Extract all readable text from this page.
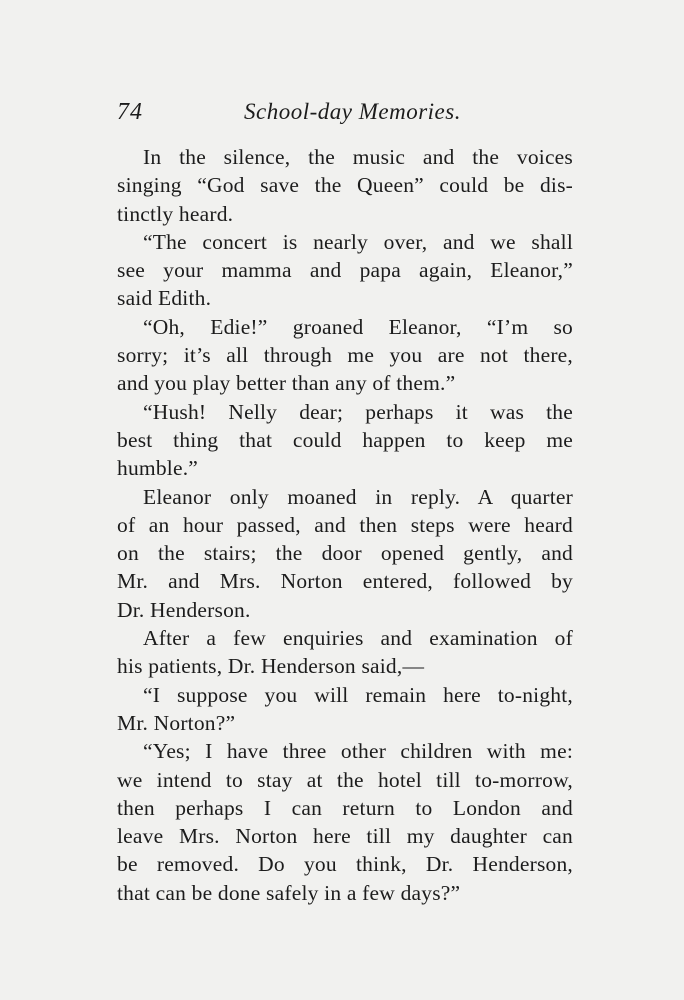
74	School-day Memories.
In the silence, the music and the voices
singing “God save the Queen” could be dis-
tinctly heard.
“The concert is nearly over, and we shall
see your mamma and papa again, Eleanor,”
said Edith.
“Oh, Edie!” groaned Eleanor, “I’m so
sorry; it’s all through me you are not there,
and you play better than any of them.”
“Hush! Nelly dear; perhaps it was the
best thing that could happen to keep me
humble.”
Eleanor only moaned in reply. A quarter
of an hour passed, and then steps were heard
on the stairs; the door opened gently, and
Mr. and Mrs. Norton entered, followed by
Dr. Henderson.
After a few enquiries and examination of
his patients, Dr. Henderson said,—
“I suppose you will remain here to-night,
Mr. Norton?”
“Yes; I have three other children with me:
we intend to stay at the hotel till to-morrow,
then perhaps I can return to London and
leave Mrs. Norton here till my daughter can
be removed. Do you think, Dr. Henderson,
that can be done safely in a few days?”
